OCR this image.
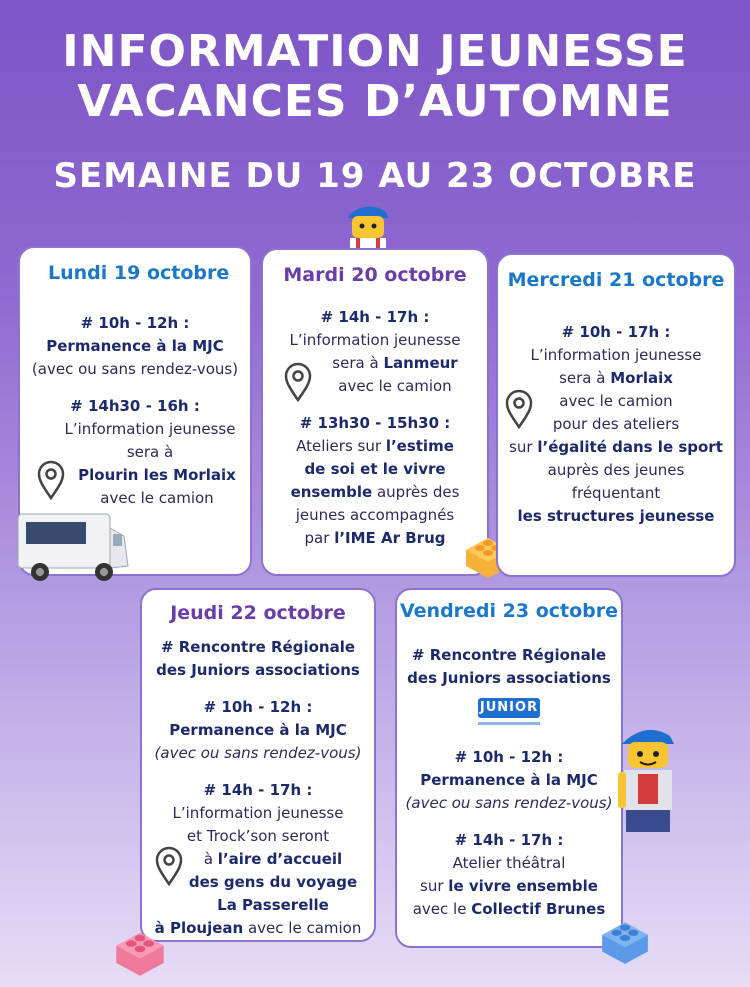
INFORMATION JEUNESSE
VACANCES D’AUTOMNE
SEMAINE DU 19 AU 23 OCTOBRE
Lundi 19 octobre
# 10h - 12h :
Permanence à la MJC
(avec ou sans rendez-vous)
# 14h30 - 16h :
L’information jeunesse
sera à
Plourin les Morlaix
avec le camion
Mardi 20 octobre
# 14h - 17h :
L’information jeunesse
sera à Lanmeur
avec le camion
# 13h30 - 15h30 :
Ateliers sur l’estime
de soi et le vivre
ensemble auprès des
jeunes accompagnés
par l’IME Ar Brug
Mercredi 21 octobre
# 10h - 17h :
L’information jeunesse
sera à Morlaix
avec le camion
pour des ateliers
sur l’égalité dans le sport
auprès des jeunes
fréquentant
les structures jeunesse
Jeudi 22 octobre
# Rencontre Régionale
des Juniors associations
# 10h - 12h :
Permanence à la MJC
(avec ou sans rendez-vous)
# 14h - 17h :
L’information jeunesse
et Trock’son seront
à l’aire d’accueil
des gens du voyage
La Passerelle
à Ploujean avec le camion
Vendredi 23 octobre
# Rencontre Régionale
des Juniors associations
JUNIOR
# 10h - 12h :
Permanence à la MJC
(avec ou sans rendez-vous)
# 14h - 17h :
Atelier théâtral
sur le vivre ensemble
avec le Collectif Brunes
